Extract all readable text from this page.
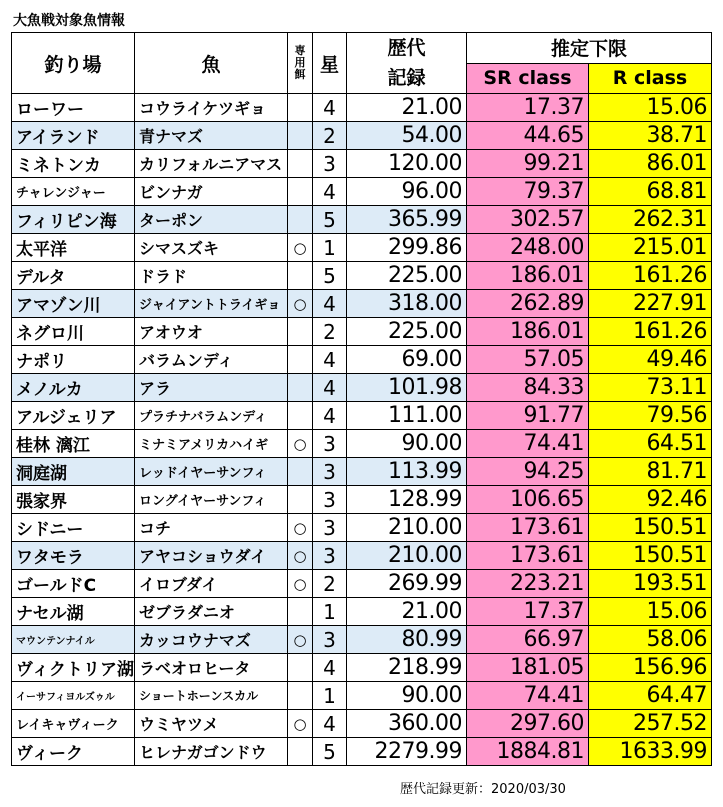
大魚戦対象魚情報
釣り場	魚	専用餌	星	歴代
記録	推定下限	
					SR class	R class
ローワー	コウライケツギョ		4	21.00	17.37	15.06
アイランド	青ナマズ		2	54.00	44.65	38.71
ミネトンカ	カリフォルニアマス		3	120.00	99.21	86.01
チャレンジャー	ビンナガ		4	96.00	79.37	68.81
フィリピン海	ターポン		5	365.99	302.57	262.31
太平洋	シマスズキ	○	1	299.86	248.00	215.01
デルタ	ドラド		5	225.00	186.01	161.26
アマゾン川	ジャイアントトライギョ	○	4	318.00	262.89	227.91
ネグロ川	アオウオ		2	225.00	186.01	161.26
ナポリ	バラムンディ		4	69.00	57.05	49.46
メノルカ	アラ		4	101.98	84.33	73.11
アルジェリア	プラチナバラムンディ		4	111.00	91.77	79.56
桂林 漓江	ミナミアメリカハイギ	○	3	90.00	74.41	64.51
洞庭湖	レッドイヤーサンフィ		3	113.99	94.25	81.71
張家界	ロングイヤーサンフィ		3	128.99	106.65	92.46
シドニー	コチ	○	3	210.00	173.61	150.51
ワタモラ	アヤコショウダイ	○	3	210.00	173.61	150.51
ゴールドC	イロブダイ	○	2	269.99	223.21	193.51
ナセル湖	ゼブラダニオ		1	21.00	17.37	15.06
マウンテンナイル	カッコウナマズ	○	3	80.99	66.97	58.06
ヴィクトリア湖	ラベオロヒータ		4	218.99	181.05	156.96
イーサフィヨルズゥル	ショートホーンスカル		1	90.00	74.41	64.47
レイキャヴィーク	ウミヤツメ	○	4	360.00	297.60	257.52
ヴィーク	ヒレナガゴンドウ		5	2279.99	1884.81	1633.99
歴代記録更新：2020/03/30
